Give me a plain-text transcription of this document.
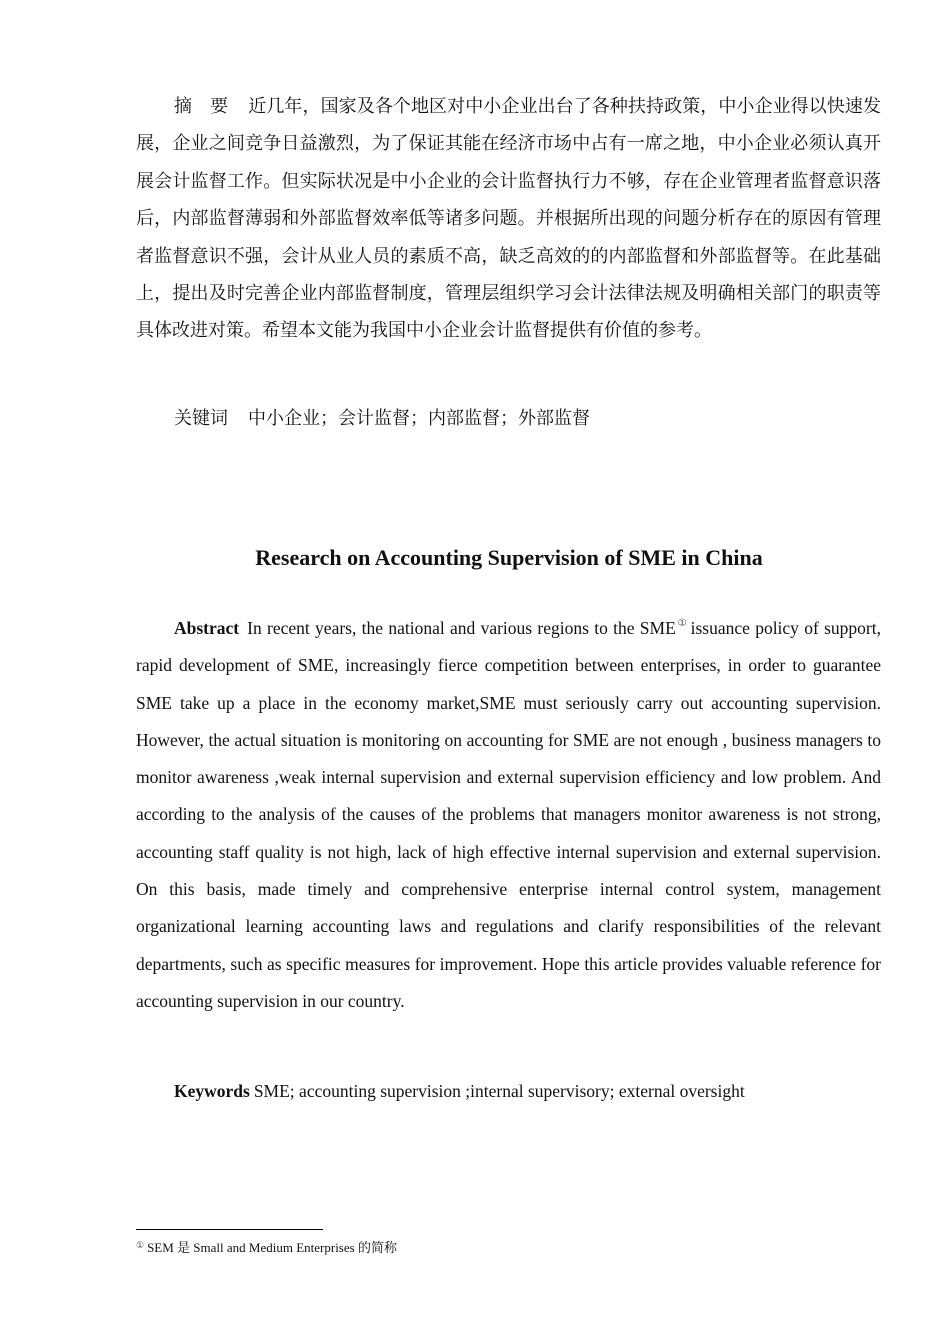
摘　要 近几年，国家及各个地区对中小企业出台了各种扶持政策，中小企业得以快速发展，企业之间竞争日益激烈，为了保证其能在经济市场中占有一席之地，中小企业必须认真开展会计监督工作。但实际状况是中小企业的会计监督执行力不够，存在企业管理者监督意识落后，内部监督薄弱和外部监督效率低等诸多问题。并根据所出现的问题分析存在的原因有管理者监督意识不强，会计从业人员的素质不高，缺乏高效的的内部监督和外部监督等。在此基础上，提出及时完善企业内部监督制度，管理层组织学习会计法律法规及明确相关部门的职责等具体改进对策。希望本文能为我国中小企业会计监督提供有价值的参考。

关键词 中小企业；会计监督；内部监督；外部监督

Research on Accounting Supervision of SME in China

Abstract In recent years, the national and various regions to the SME① issuance policy of support, rapid development of SME, increasingly fierce competition between enterprises, in order to guarantee SME take up a place in the economy market,SME must seriously carry out accounting supervision. However, the actual situation is monitoring on accounting for SME are not enough , business managers to monitor awareness ,weak internal supervision and external supervision efficiency and low problem. And according to the analysis of the causes of the problems that managers monitor awareness is not strong, accounting staff quality is not high, lack of high effective internal supervision and external supervision. On this basis, made timely and comprehensive enterprise internal control system, management organizational learning accounting laws and regulations and clarify responsibilities of the relevant departments, such as specific measures for improvement. Hope this article provides valuable reference for accounting supervision in our country.

Keywords SME; accounting supervision ;internal supervisory; external oversight

① SEM 是 Small and Medium Enterprises 的简称
